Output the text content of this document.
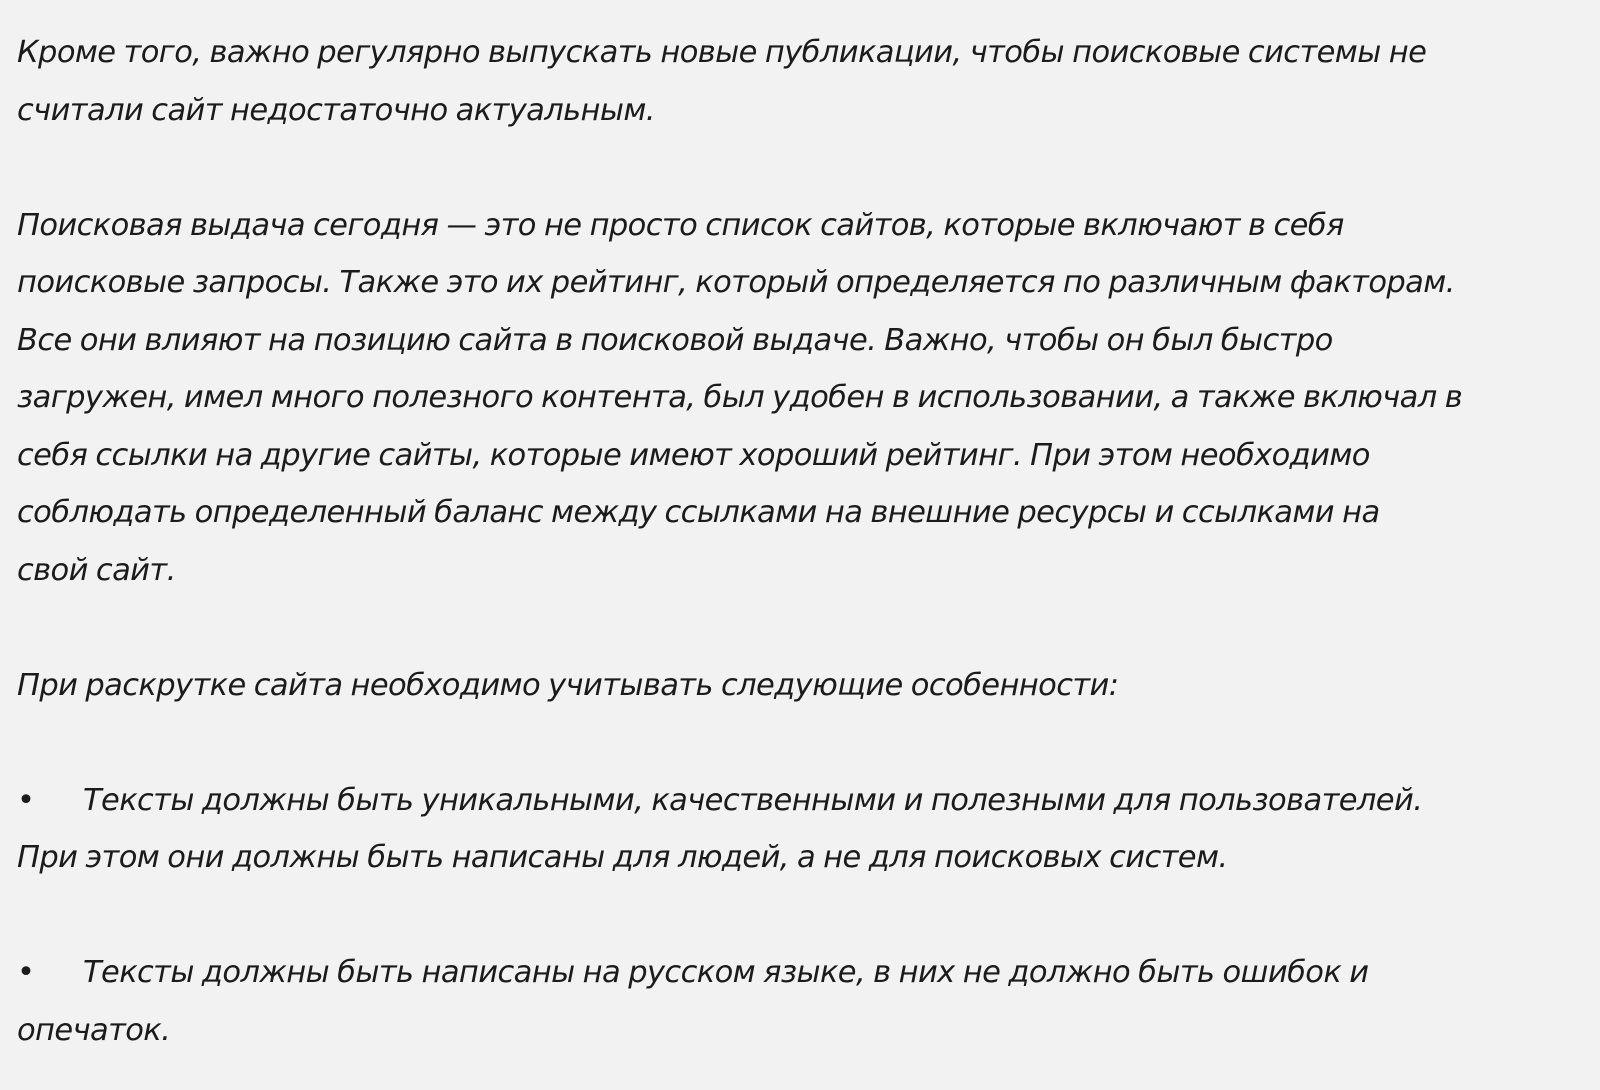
Кроме того, важно регулярно выпускать новые публикации, чтобы поисковые системы не
считали сайт недостаточно актуальным.

Поисковая выдача сегодня — это не просто список сайтов, которые включают в себя
поисковые запросы. Также это их рейтинг, который определяется по различным факторам.
Все они влияют на позицию сайта в поисковой выдаче. Важно, чтобы он был быстро
загружен, имел много полезного контента, был удобен в использовании, а также включал в
себя ссылки на другие сайты, которые имеют хороший рейтинг. При этом необходимо
соблюдать определенный баланс между ссылками на внешние ресурсы и ссылками на
свой сайт.

При раскрутке сайта необходимо учитывать следующие особенности:

• Тексты должны быть уникальными, качественными и полезными для пользователей.
При этом они должны быть написаны для людей, а не для поисковых систем.

• Тексты должны быть написаны на русском языке, в них не должно быть ошибок и
опечаток.
